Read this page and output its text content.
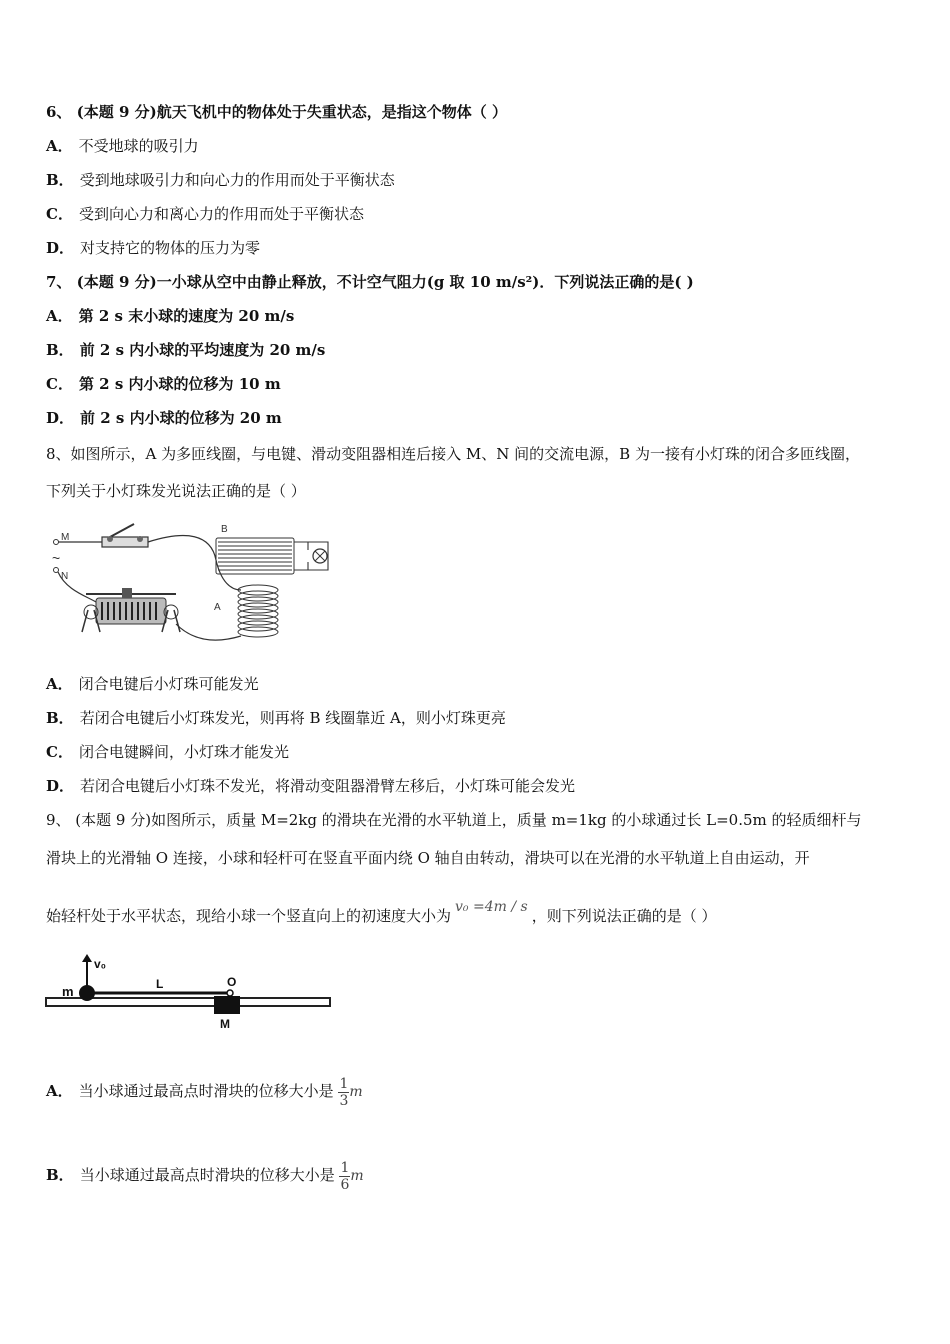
6、 (本题 9 分)航天飞机中的物体处于失重状态，是指这个物体（ ）
A． 不受地球的吸引力
B． 受到地球吸引力和向心力的作用而处于平衡状态
C． 受到向心力和离心力的作用而处于平衡状态
D． 对支持它的物体的压力为零
7、 (本题 9 分)一小球从空中由静止释放，不计空气阻力(g 取 10 m/s²)．下列说法正确的是( )
A． 第 2 s 末小球的速度为 20 m/s
B． 前 2 s 内小球的平均速度为 20 m/s
C． 第 2 s 内小球的位移为 10 m
D． 前 2 s 内小球的位移为 20 m
8、如图所示，A 为多匝线圈，与电键、滑动变阻器相连后接入 M、N 间的交流电源，B 为一接有小灯珠的闭合多匝线圈，
下列关于小灯珠发光说法正确的是（ ）
M
~
N
B
A
A． 闭合电键后小灯珠可能发光
B． 若闭合电键后小灯珠发光，则再将 B 线圈靠近 A，则小灯珠更亮
C． 闭合电键瞬间，小灯珠才能发光
D． 若闭合电键后小灯珠不发光，将滑动变阻器滑臂左移后，小灯珠可能会发光
9、 (本题 9 分)如图所示，质量 M=2kg 的滑块在光滑的水平轨道上，质量 m=1kg 的小球通过长 L=0.5m 的轻质细杆与
滑块上的光滑轴 O 连接，小球和轻杆可在竖直平面内绕 O 轴自由转动，滑块可以在光滑的水平轨道上自由运动，开
始轻杆处于水平状态，现给小球一个竖直向上的初速度大小为 v₀ =4m / s ，则下列说法正确的是（ ）
v₀
m	L	O
M
A． 当小球通过最高点时滑块的位移大小是 $\frac{1}{3}$ m
B． 当小球通过最高点时滑块的位移大小是 $\frac{1}{6}$ m
